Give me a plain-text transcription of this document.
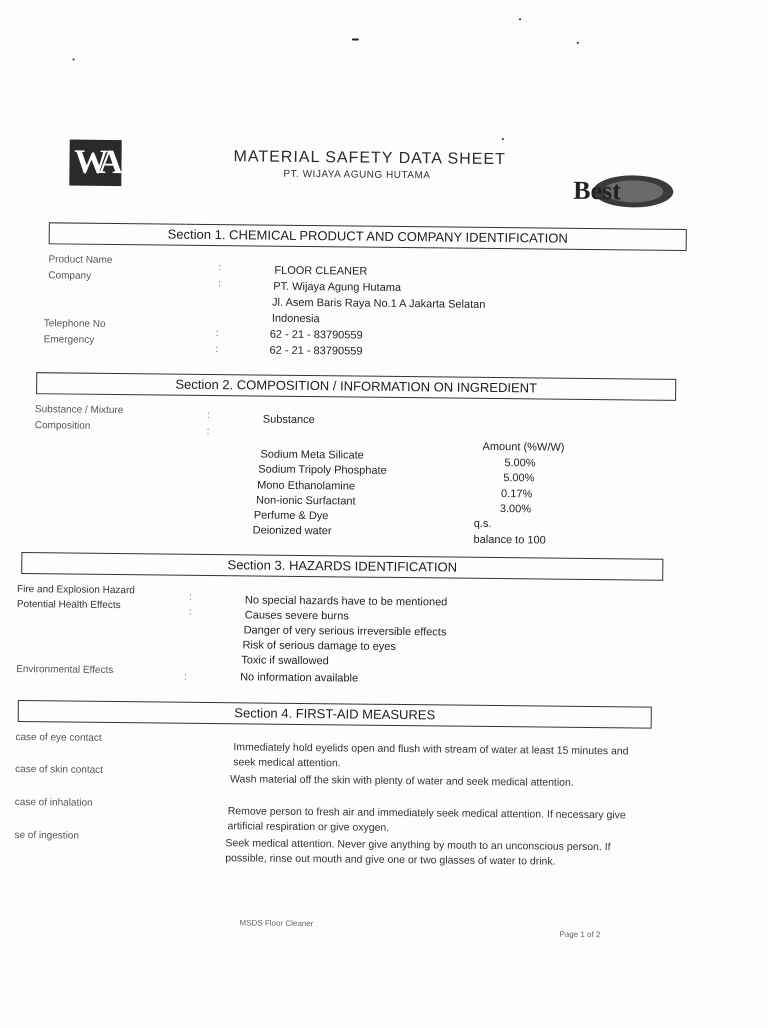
WA	MATERIAL SAFETY DATA SHEET
PT. WIJAYA AGUNG HUTAMA
Best
Section 1. CHEMICAL PRODUCT AND COMPANY IDENTIFICATION
Product Name
:	FLOOR CLEANER
Company
:	PT. Wijaya Agung Hutama
Jl. Asem Baris Raya No.1 A Jakarta Selatan
Indonesia
Telephone No
:	62 - 21 - 83790559
Emergency
:	62 - 21 - 83790559
Section 2. COMPOSITION / INFORMATION ON INGREDIENT
Substance / Mixture	:	Substance
Composition	:
Amount (%W/W)
Sodium Meta Silicate
5.00%
Sodium Tripoly Phosphate
5.00%
Mono Ethanolamine
0.17%
Non-ionic Surfactant
3.00%
Perfume & Dye
q.s.
Deionized water
balance to 100
Section 3. HAZARDS IDENTIFICATION
Fire and Explosion Hazard
:	No special hazards have to be mentioned
Potential Health Effects
:	Causes severe burns
Danger of very serious irreversible effects
Risk of serious damage to eyes
Toxic if swallowed
Environmental Effects
:	No information available
Section 4. FIRST-AID MEASURES
case of eye contact
Immediately hold eyelids open and flush with stream of water at least 15 minutes and seek medical attention.
case of skin contact
Wash material off the skin with plenty of water and seek medical attention.
case of inhalation
Remove person to fresh air and immediately seek medical attention. If necessary give artificial respiration or give oxygen.
se of ingestion
Seek medical attention. Never give anything by mouth to an unconscious person. If possible, rinse out mouth and give one or two glasses of water to drink.
MSDS Floor Cleaner
Page 1 of 2
